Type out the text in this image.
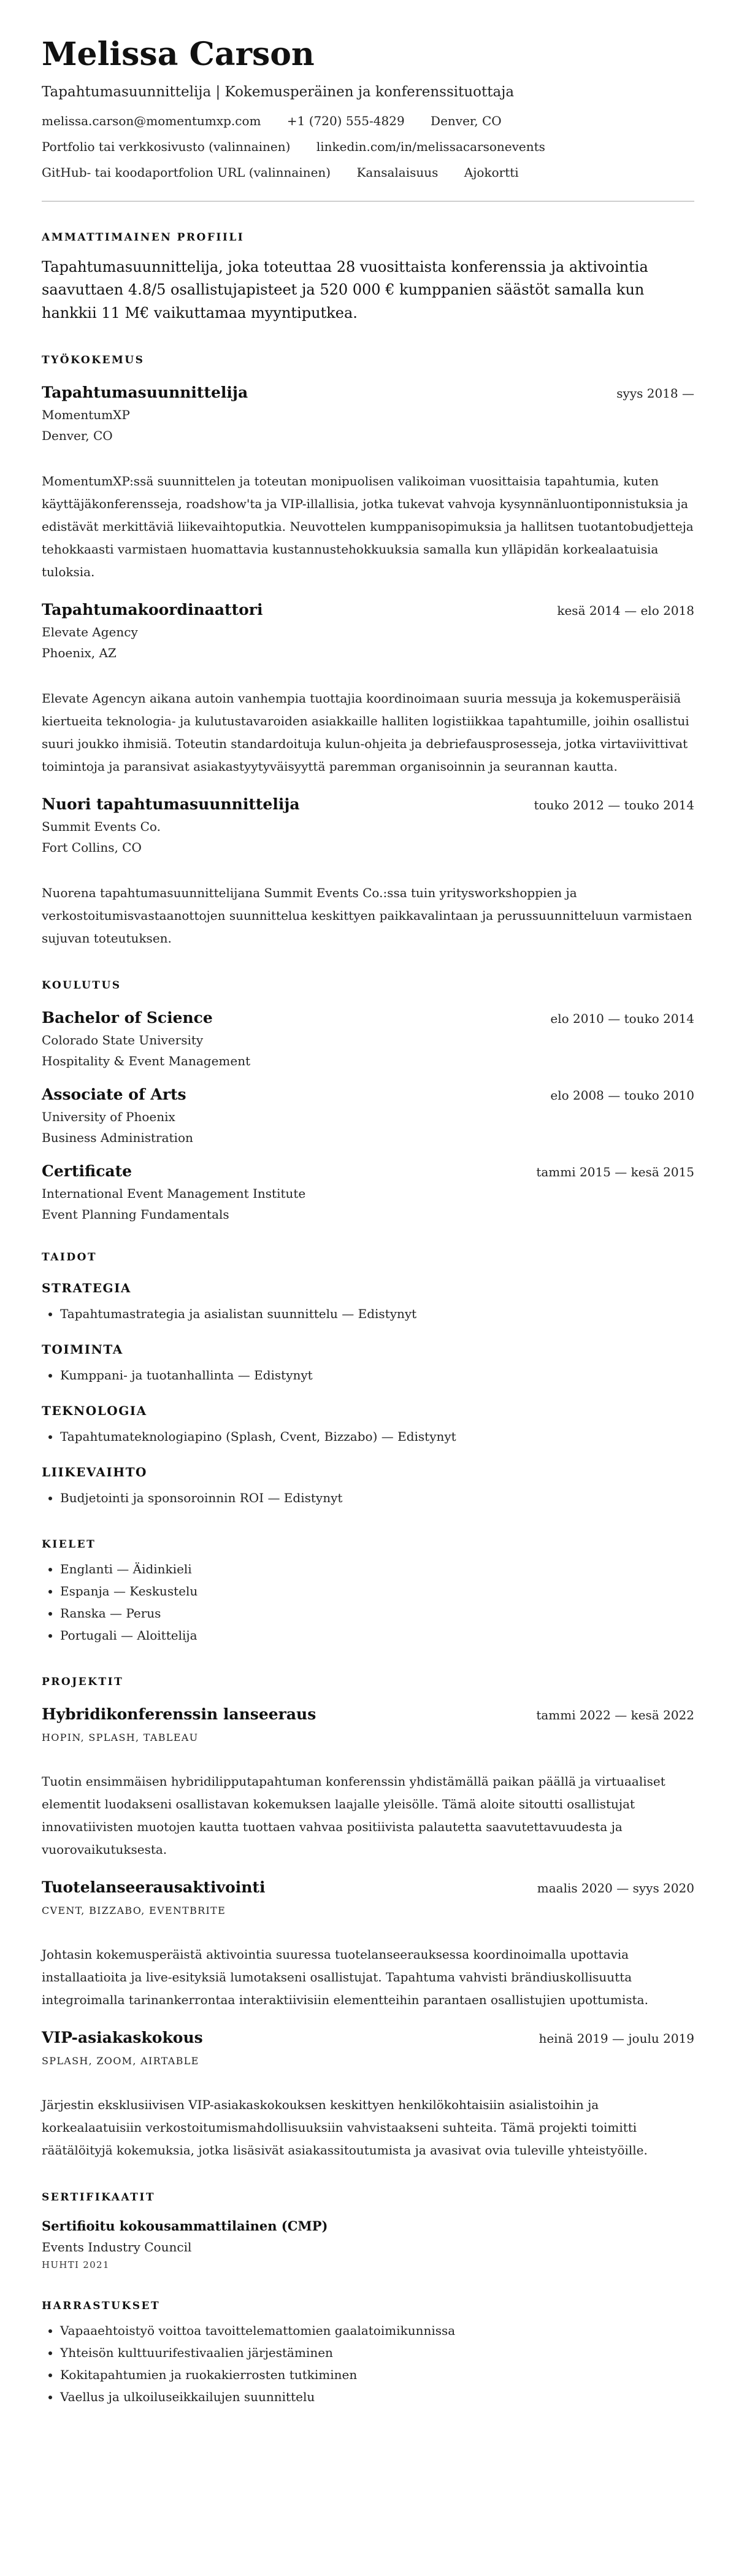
Melissa Carson
Tapahtumasuunnittelija | Kokemusperäinen ja konferenssituottaja
melissa.carson@momentumxp.com +1 (720) 555-4829 Denver, CO
Portfolio tai verkkosivusto (valinnainen) linkedin.com/in/melissacarsonevents
GitHub- tai koodaportfolion URL (valinnainen) Kansalaisuus Ajokortti
AMMATTIMAINEN PROFIILI
Tapahtumasuunnittelija, joka toteuttaa 28 vuosittaista konferenssia ja aktivointia saavuttaen 4.8/5 osallistujapisteet ja 520 000 € kumppanien säästöt samalla kun hankkii 11 M€ vaikuttamaa myyntiputkea.
TYÖKOKEMUS
Tapahtumasuunnittelija	syys 2018 —
MomentumXP
Denver, CO
MomentumXP:ssä suunnittelen ja toteutan monipuolisen valikoiman vuosittaisia tapahtumia, kuten käyttäjäkonferensseja, roadshow'ta ja VIP-illallisia, jotka tukevat vahvoja kysynnänluontiponnistuksia ja edistävät merkittäviä liikevaihtoputkia. Neuvottelen kumppanisopimuksia ja hallitsen tuotantobudjetteja tehokkaasti varmistaen huomattavia kustannustehokkuuksia samalla kun ylläpidän korkealaatuisia tuloksia.
Tapahtumakoordinaattori	kesä 2014 — elo 2018
Elevate Agency
Phoenix, AZ
Elevate Agencyn aikana autoin vanhempia tuottajia koordinoimaan suuria messuja ja kokemusperäisiä kiertueita teknologia- ja kulutustavaroiden asiakkaille halliten logistiikkaa tapahtumille, joihin osallistui suuri joukko ihmisiä. Toteutin standardoituja kulun-ohjeita ja debriefausprosesseja, jotka virtaviivittivat toimintoja ja paransivat asiakastyytyväisyyttä paremman organisoinnin ja seurannan kautta.
Nuori tapahtumasuunnittelija	touko 2012 — touko 2014
Summit Events Co.
Fort Collins, CO
Nuorena tapahtumasuunnittelijana Summit Events Co.:ssa tuin yritysworkshoppien ja verkostoitumisvastaanottojen suunnittelua keskittyen paikkavalintaan ja perussuunnitteluun varmistaen sujuvan toteutuksen.
KOULUTUS
Bachelor of Science	elo 2010 — touko 2014
Colorado State University
Hospitality & Event Management
Associate of Arts	elo 2008 — touko 2010
University of Phoenix
Business Administration
Certificate	tammi 2015 — kesä 2015
International Event Management Institute
Event Planning Fundamentals
TAIDOT
STRATEGIA
• Tapahtumastrategia ja asialistan suunnittelu — Edistynyt
TOIMINTA
• Kumppani- ja tuotanhallinta — Edistynyt
TEKNOLOGIA
• Tapahtumateknologiapino (Splash, Cvent, Bizzabo) — Edistynyt
LIIKEVAIHTO
• Budjetointi ja sponsoroinnin ROI — Edistynyt
KIELET
• Englanti — Äidinkieli
• Espanja — Keskustelu
• Ranska — Perus
• Portugali — Aloittelija
PROJEKTIT
Hybridikonferenssin lanseeraus	tammi 2022 — kesä 2022
HOPIN, SPLASH, TABLEAU
Tuotin ensimmäisen hybridilipputapahtuman konferenssin yhdistämällä paikan päällä ja virtuaaliset elementit luodakseni osallistavan kokemuksen laajalle yleisölle. Tämä aloite sitoutti osallistujat innovatiivisten muotojen kautta tuottaen vahvaa positiivista palautetta saavutettavuudesta ja vuorovaikutuksesta.
Tuotelanseerausaktivointi	maalis 2020 — syys 2020
CVENT, BIZZABO, EVENTBRITE
Johtasin kokemusperäistä aktivointia suuressa tuotelanseerauksessa koordinoimalla upottavia installaatioita ja live-esityksiä lumotakseni osallistujat. Tapahtuma vahvisti brändiuskollisuutta integroimalla tarinankerrontaa interaktiivisiin elementteihin parantaen osallistujien upottumista.
VIP-asiakaskokous	heinä 2019 — joulu 2019
SPLASH, ZOOM, AIRTABLE
Järjestin eksklusiivisen VIP-asiakaskokouksen keskittyen henkilökohtaisiin asialistoihin ja korkealaatuisiin verkostoitumismahdollisuuksiin vahvistaakseni suhteita. Tämä projekti toimitti räätälöityjä kokemuksia, jotka lisäsivät asiakassitoutumista ja avasivat ovia tuleville yhteistyöille.
SERTIFIKAATIT
Sertifioitu kokousammattilainen (CMP)
Events Industry Council
HUHTI 2021
HARRASTUKSET
• Vapaaehtoistyö voittoa tavoittelemattomien gaalatoimikunnissa
• Yhteisön kulttuurifestivaalien järjestäminen
• Kokitapahtumien ja ruokakierrosten tutkiminen
• Vaellus ja ulkoiluseikkailujen suunnittelu
